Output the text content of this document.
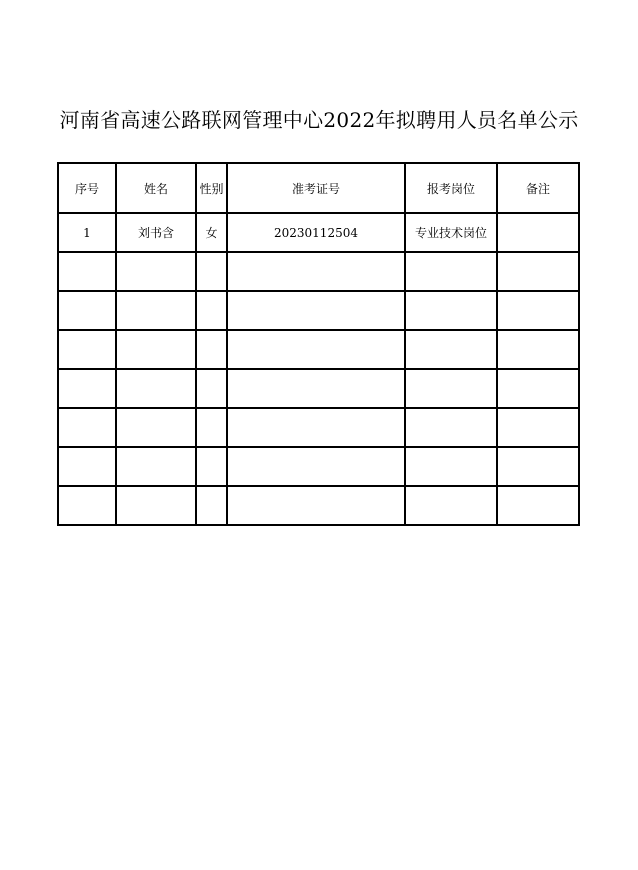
河南省高速公路联网管理中心2022年拟聘用人员名单公示
序号	姓名	性别	准考证号	报考岗位	备注
1	刘书含	女	20230112504	专业技术岗位	
